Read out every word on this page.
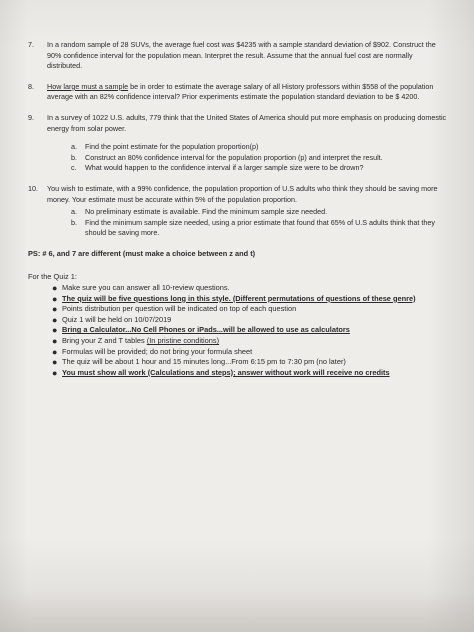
7.	In a random sample of 28 SUVs, the average fuel cost was $4235 with a sample standard deviation of $902. Construct the 90% confidence interval for the population mean. Interpret the result. Assume that the annual fuel cost are normally distributed.
8.	How large must a sample be in order to estimate the average salary of all History professors within $558 of the population average with an 82% confidence interval? Prior experiments estimate the population standard deviation to be $ 4200.
9.	In a survey of 1022 U.S. adults, 779 think that the United States of America should put more emphasis on producing domestic energy from solar power.
a.	Find the point estimate for the population proportion(p)
b.	Construct an 80% confidence interval for the population proportion (p) and interpret the result.
c.	What would happen to the confidence interval if a larger sample size were to be drown?
10.	You wish to estimate, with a 99% confidence, the population proportion of U.S adults who think they should be saving more money. Your estimate must be accurate within 5% of the population proportion.
a.	No preliminary estimate is available. Find the minimum sample size needed.
b.	Find the minimum sample size needed, using a prior estimate that found that 65% of U.S adults think that they should be saving more.
PS: # 6, and 7 are different (must make a choice between z and t)
For the Quiz 1:
● Make sure you can answer all 10-review questions.
● The quiz will be five questions long in this style. (Different permutations of questions of these genre)
● Points distribution per question will be indicated on top of each question
● Quiz 1 will be held on 10/07/2019
● Bring a Calculator...No Cell Phones or iPads...will be allowed to use as calculators
● Bring your Z and T tables (In pristine conditions)
● Formulas will be provided; do not bring your formula sheet
● The quiz will be about 1 hour and 15 minutes long...From 6:15 pm to 7:30 pm (no later)
● You must show all work (Calculations and steps); answer without work will receive no credits
